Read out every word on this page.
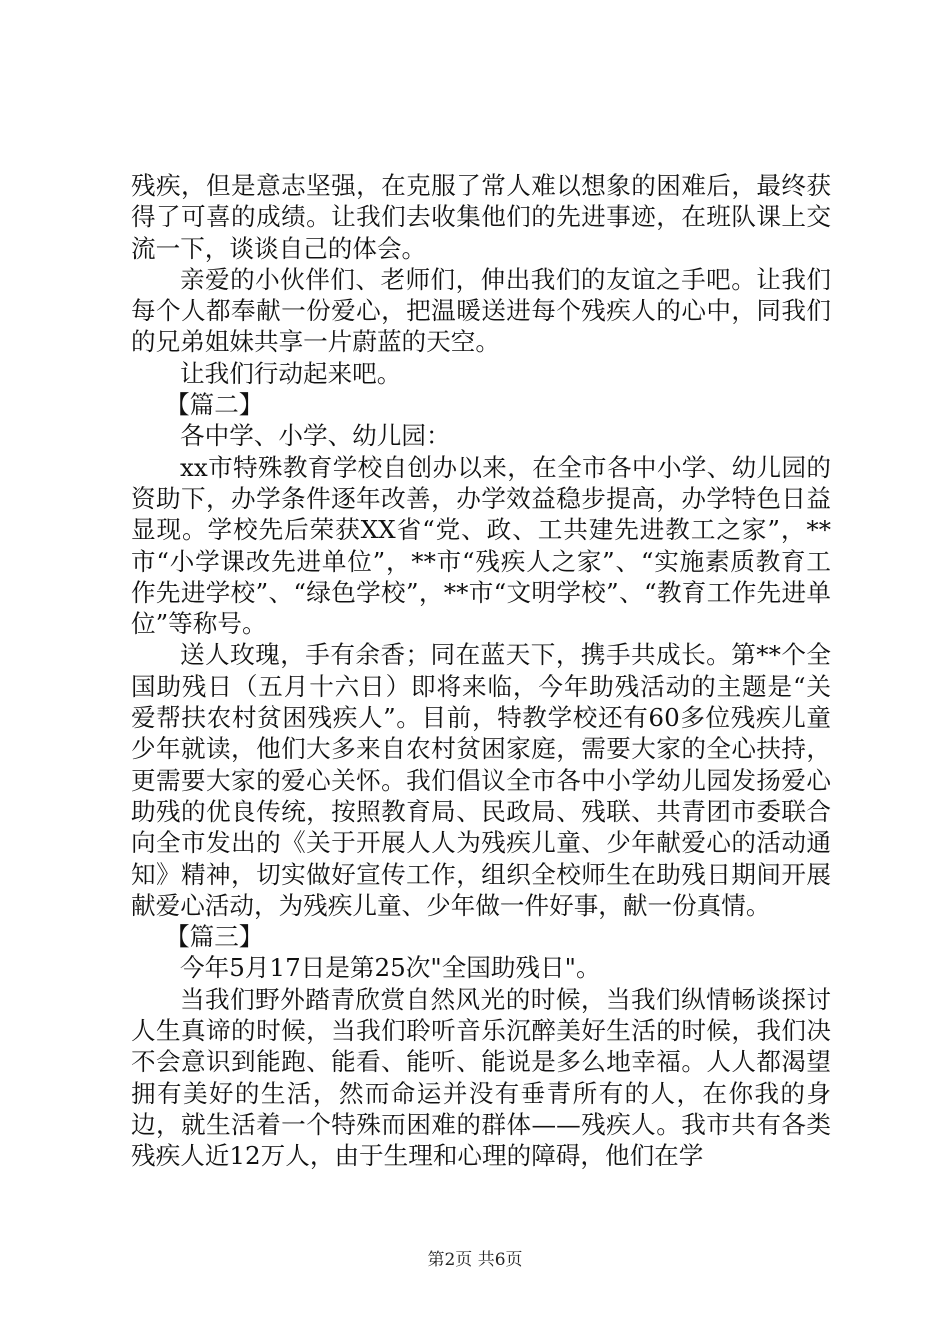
残疾，但是意志坚强，在克服了常人难以想象的困难后，最终获得了可喜的成绩。让我们去收集他们的先进事迹，在班队课上交流一下，谈谈自己的体会。

亲爱的小伙伴们、老师们，伸出我们的友谊之手吧。让我们每个人都奉献一份爱心，把温暖送进每个残疾人的心中，同我们的兄弟姐妹共享一片蔚蓝的天空。

让我们行动起来吧。

【篇二】

各中学、小学、幼儿园：

xx市特殊教育学校自创办以来，在全市各中小学、幼儿园的资助下，办学条件逐年改善，办学效益稳步提高，办学特色日益显现。学校先后荣获XX省“党、政、工共建先进教工之家”，**市“小学课改先进单位”，**市“残疾人之家”、“实施素质教育工作先进学校”、“绿色学校”，**市“文明学校”、“教育工作先进单位”等称号。

送人玫瑰，手有余香；同在蓝天下，携手共成长。第**个全国助残日（五月十六日）即将来临，今年助残活动的主题是“关爱帮扶农村贫困残疾人”。目前，特教学校还有60多位残疾儿童少年就读，他们大多来自农村贫困家庭，需要大家的全心扶持，更需要大家的爱心关怀。我们倡议全市各中小学幼儿园发扬爱心助残的优良传统，按照教育局、民政局、残联、共青团市委联合向全市发出的《关于开展人人为残疾儿童、少年献爱心的活动通知》精神，切实做好宣传工作，组织全校师生在助残日期间开展献爱心活动，为残疾儿童、少年做一件好事，献一份真情。

【篇三】

今年5月17日是第25次"全国助残日"。

当我们野外踏青欣赏自然风光的时候，当我们纵情畅谈探讨人生真谛的时候，当我们聆听音乐沉醉美好生活的时候，我们决不会意识到能跑、能看、能听、能说是多么地幸福。人人都渴望拥有美好的生活，然而命运并没有垂青所有的人，在你我的身边，就生活着一个特殊而困难的群体——残疾人。我市共有各类残疾人近12万人，由于生理和心理的障碍，他们在学

第2页 共6页
